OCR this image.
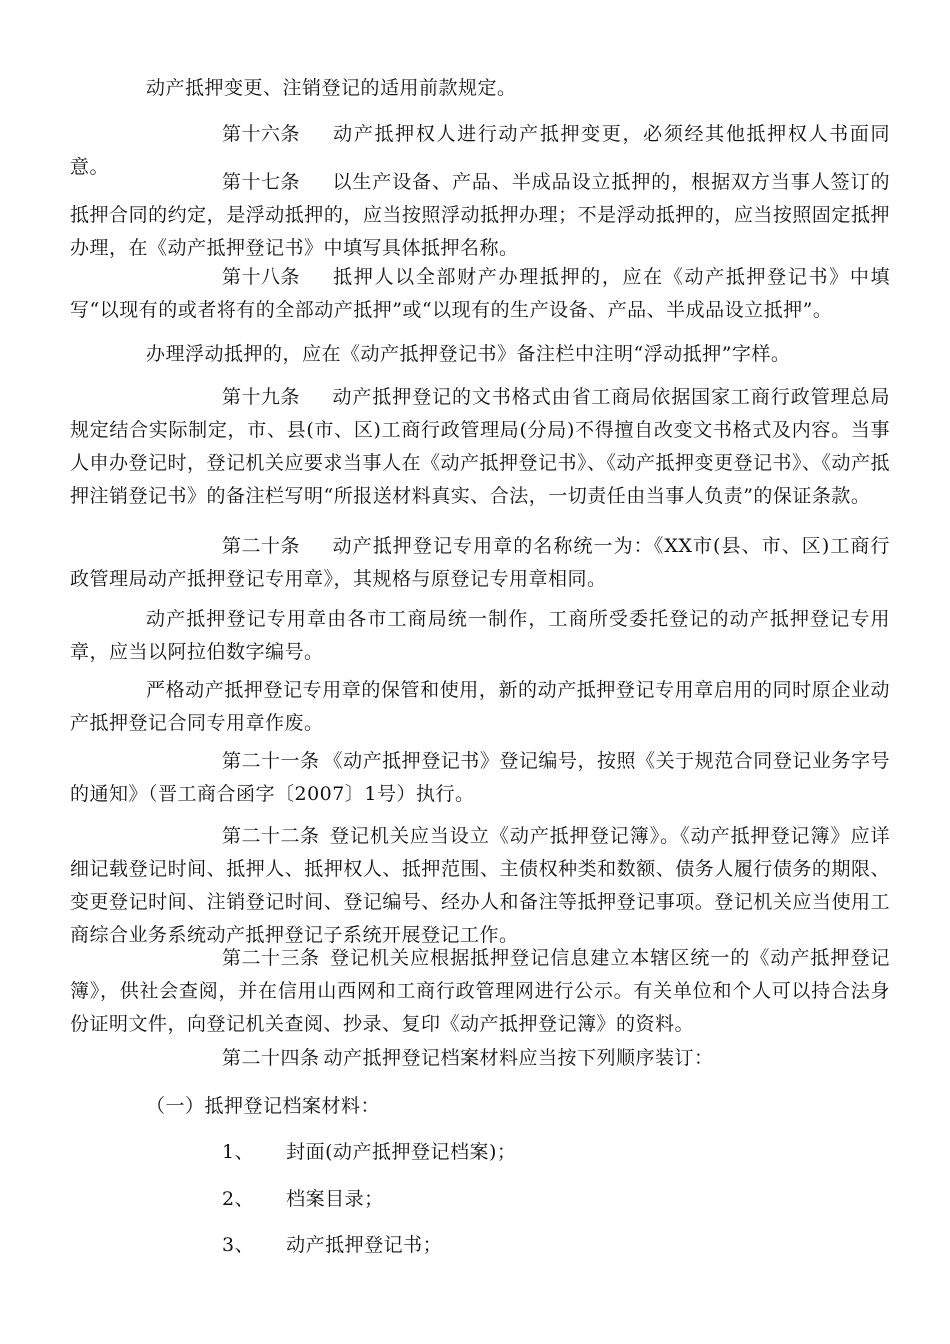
动产抵押变更、注销登记的适用前款规定。

第十六条 动产抵押权人进行动产抵押变更，必须经其他抵押权人书面同意。

第十七条 以生产设备、产品、半成品设立抵押的，根据双方当事人签订的抵押合同的约定，是浮动抵押的，应当按照浮动抵押办理；不是浮动抵押的，应当按照固定抵押办理，在《动产抵押登记书》中填写具体抵押名称。

第十八条 抵押人以全部财产办理抵押的，应在《动产抵押登记书》中填写“以现有的或者将有的全部动产抵押”或“以现有的生产设备、产品、半成品设立抵押”。

办理浮动抵押的，应在《动产抵押登记书》备注栏中注明“浮动抵押”字样。

第十九条 动产抵押登记的文书格式由省工商局依据国家工商行政管理总局规定结合实际制定，市、县(市、区)工商行政管理局(分局)不得擅自改变文书格式及内容。当事人申办登记时，登记机关应要求当事人在《动产抵押登记书》、《动产抵押变更登记书》、《动产抵押注销登记书》的备注栏写明“所报送材料真实、合法，一切责任由当事人负责”的保证条款。

第二十条 动产抵押登记专用章的名称统一为：《XX市(县、市、区)工商行政管理局动产抵押登记专用章》，其规格与原登记专用章相同。

动产抵押登记专用章由各市工商局统一制作，工商所受委托登记的动产抵押登记专用章，应当以阿拉伯数字编号。

严格动产抵押登记专用章的保管和使用，新的动产抵押登记专用章启用的同时原企业动产抵押登记合同专用章作废。

第二十一条 《动产抵押登记书》登记编号，按照《关于规范合同登记业务字号的通知》（晋工商合函字〔2007〕1号）执行。

第二十二条 登记机关应当设立《动产抵押登记簿》。《动产抵押登记簿》应详细记载登记时间、抵押人、抵押权人、抵押范围、主债权种类和数额、债务人履行债务的期限、变更登记时间、注销登记时间、登记编号、经办人和备注等抵押登记事项。登记机关应当使用工商综合业务系统动产抵押登记子系统开展登记工作。

第二十三条 登记机关应根据抵押登记信息建立本辖区统一的《动产抵押登记簿》，供社会查阅，并在信用山西网和工商行政管理网进行公示。有关单位和个人可以持合法身份证明文件，向登记机关查阅、抄录、复印《动产抵押登记簿》的资料。

第二十四条 动产抵押登记档案材料应当按下列顺序装订：

（一）抵押登记档案材料：

1、 封面(动产抵押登记档案)；

2、 档案目录；

3、 动产抵押登记书；
